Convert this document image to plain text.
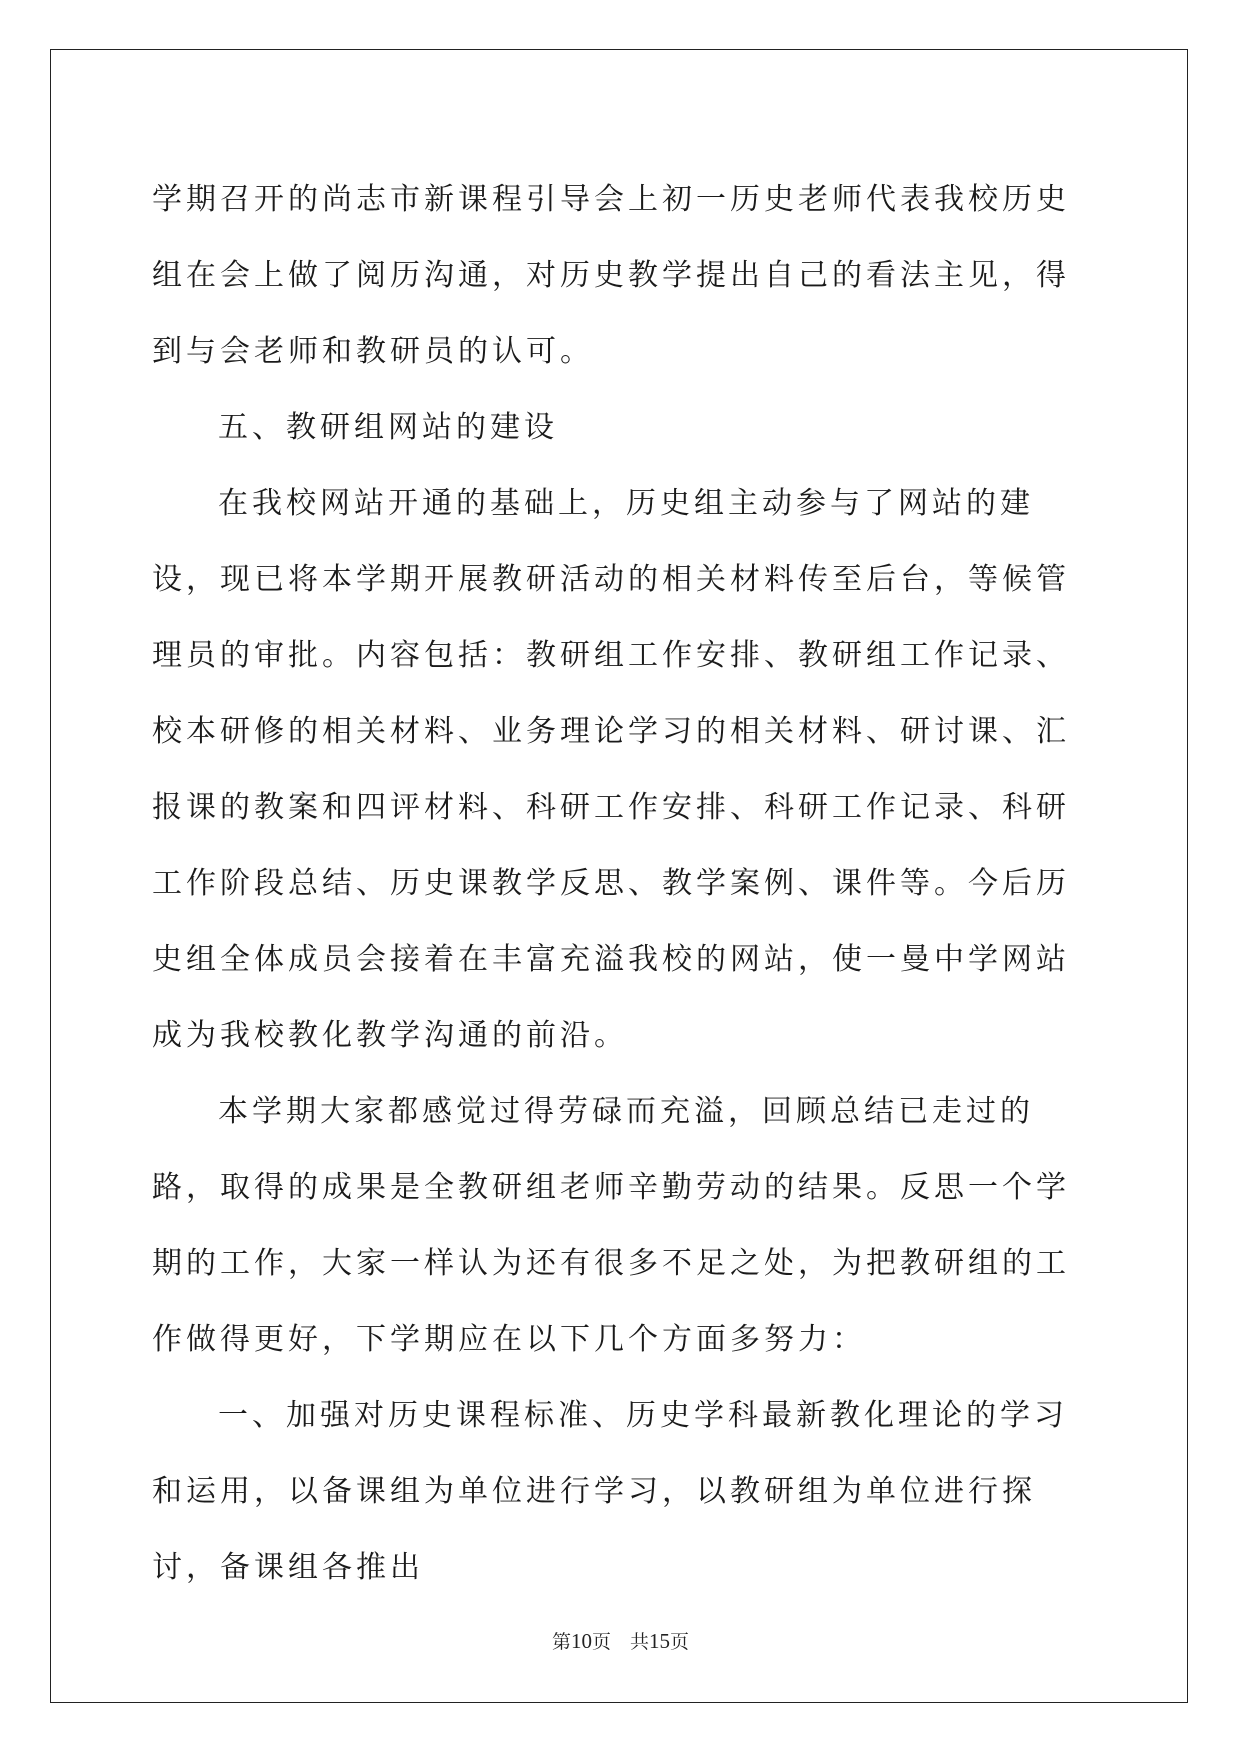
学期召开的尚志市新课程引导会上初一历史老师代表我校历史组在会上做了阅历沟通，对历史教学提出自己的看法主见，得到与会老师和教研员的认可。

五、教研组网站的建设

在我校网站开通的基础上，历史组主动参与了网站的建设，现已将本学期开展教研活动的相关材料传至后台，等候管理员的审批。内容包括：教研组工作安排、教研组工作记录、校本研修的相关材料、业务理论学习的相关材料、研讨课、汇报课的教案和四评材料、科研工作安排、科研工作记录、科研工作阶段总结、历史课教学反思、教学案例、课件等。今后历史组全体成员会接着在丰富充溢我校的网站，使一曼中学网站成为我校教化教学沟通的前沿。

本学期大家都感觉过得劳碌而充溢，回顾总结已走过的路，取得的成果是全教研组老师辛勤劳动的结果。反思一个学期的工作，大家一样认为还有很多不足之处，为把教研组的工作做得更好，下学期应在以下几个方面多努力：

一、加强对历史课程标准、历史学科最新教化理论的学习和运用，以备课组为单位进行学习，以教研组为单位进行探讨，备课组各推出

第10页　共15页
